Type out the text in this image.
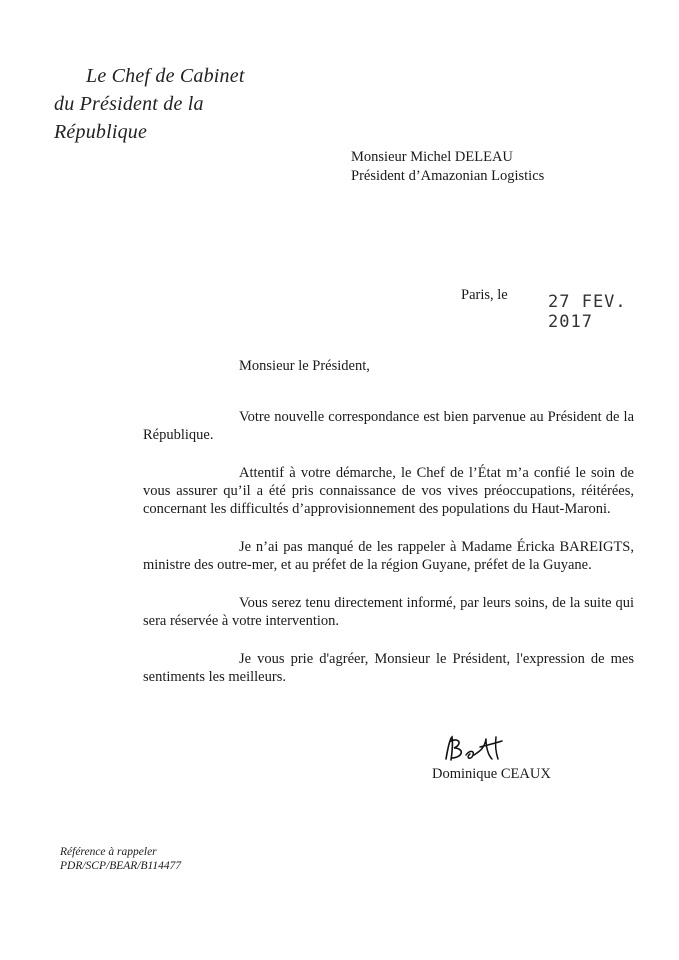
Le Chef de Cabinet
du Président de la République
Monsieur Michel DELEAU
Président d’Amazonian Logistics
Paris, le 27 FEV. 2017
Monsieur le Président,

Votre nouvelle correspondance est bien parvenue au Président de la République.

Attentif à votre démarche, le Chef de l’État m’a confié le soin de vous assurer qu’il a été pris connaissance de vos vives préoccupations, réitérées, concernant les difficultés d’approvisionnement des populations du Haut-Maroni.

Je n’ai pas manqué de les rappeler à Madame Éricka BAREIGTS, ministre des outre-mer, et au préfet de la région Guyane, préfet de la Guyane.

Vous serez tenu directement informé, par leurs soins, de la suite qui sera réservée à votre intervention.

Je vous prie d'agréer, Monsieur le Président, l'expression de mes sentiments les meilleurs.

Dominique CEAUX
Référence à rappeler
PDR/SCP/BEAR/B114477
